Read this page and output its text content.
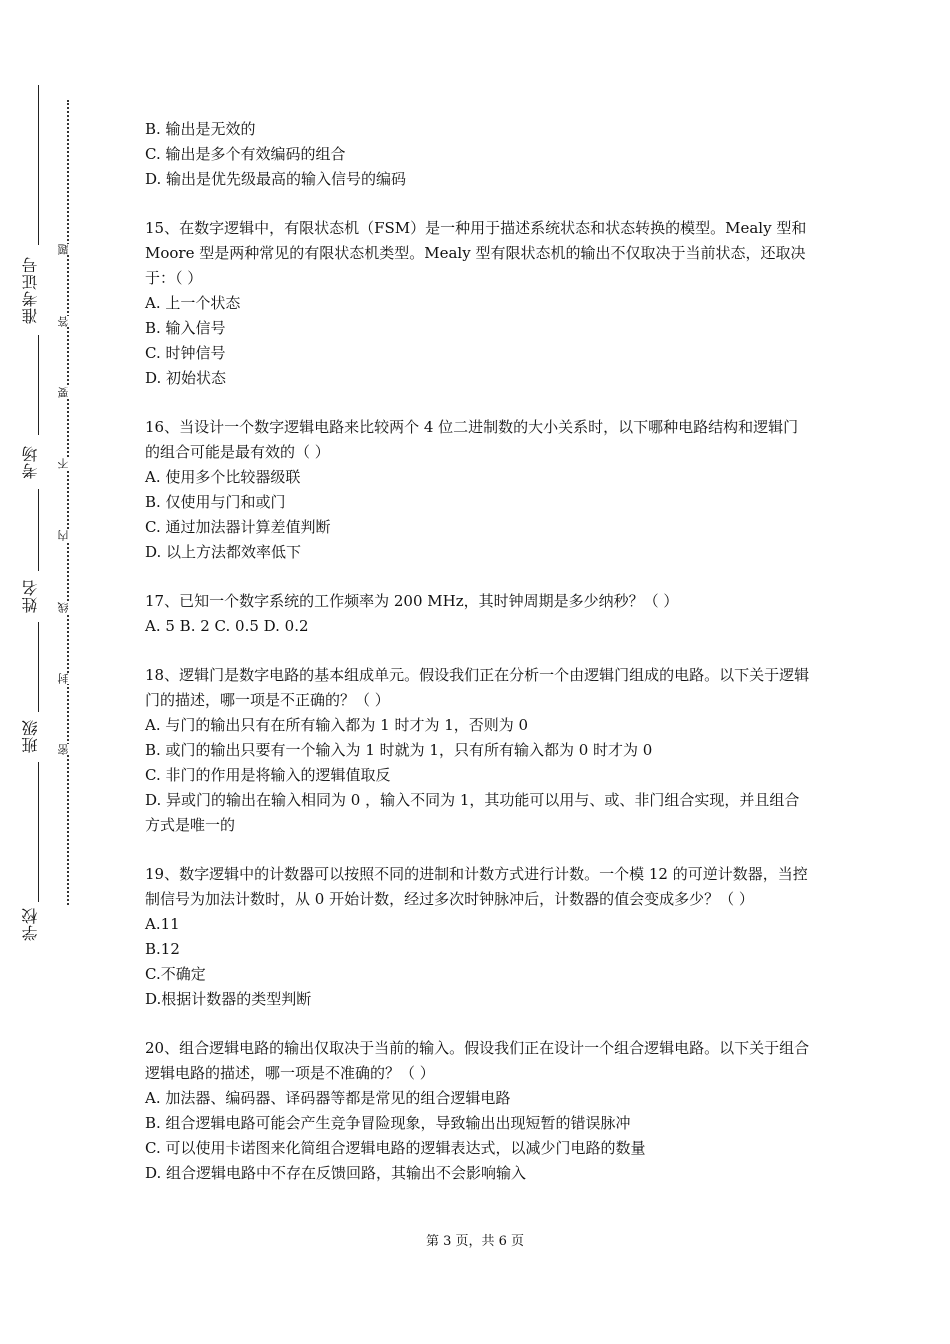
准考证号
考场
姓名
班级
学校
题
答
要
不
内
线
封
密
B. 输出是无效的
C. 输出是多个有效编码的组合
D. 输出是优先级最高的输入信号的编码
15、在数字逻辑中，有限状态机（FSM）是一种用于描述系统状态和状态转换的模型。Mealy 型和 Moore 型是两种常见的有限状态机类型。Mealy 型有限状态机的输出不仅取决于当前状态，还取决于：（ ）
A. 上一个状态
B. 输入信号
C. 时钟信号
D. 初始状态
16、当设计一个数字逻辑电路来比较两个 4 位二进制数的大小关系时，以下哪种电路结构和逻辑门的组合可能是最有效的（ ）
A. 使用多个比较器级联
B. 仅使用与门和或门
C. 通过加法器计算差值判断
D. 以上方法都效率低下
17、已知一个数字系统的工作频率为 200 MHz，其时钟周期是多少纳秒？（ ）
A. 5 B. 2 C. 0.5 D. 0.2
18、逻辑门是数字电路的基本组成单元。假设我们正在分析一个由逻辑门组成的电路。以下关于逻辑门的描述，哪一项是不正确的？（ ）
A. 与门的输出只有在所有输入都为 1 时才为 1，否则为 0
B. 或门的输出只要有一个输入为 1 时就为 1，只有所有输入都为 0 时才为 0
C. 非门的作用是将输入的逻辑值取反
D. 异或门的输出在输入相同为 0 ，输入不同为 1，其功能可以用与、或、非门组合实现，并且组合方式是唯一的
19、数字逻辑中的计数器可以按照不同的进制和计数方式进行计数。一个模 12 的可逆计数器，当控制信号为加法计数时，从 0 开始计数，经过多次时钟脉冲后，计数器的值会变成多少？（ ）
A.11
B.12
C.不确定
D.根据计数器的类型判断
20、组合逻辑电路的输出仅取决于当前的输入。假设我们正在设计一个组合逻辑电路。以下关于组合逻辑电路的描述，哪一项是不准确的？（ ）
A. 加法器、编码器、译码器等都是常见的组合逻辑电路
B. 组合逻辑电路可能会产生竞争冒险现象，导致输出出现短暂的错误脉冲
C. 可以使用卡诺图来化简组合逻辑电路的逻辑表达式，以减少门电路的数量
D. 组合逻辑电路中不存在反馈回路，其输出不会影响输入
第 3 页，共 6 页
